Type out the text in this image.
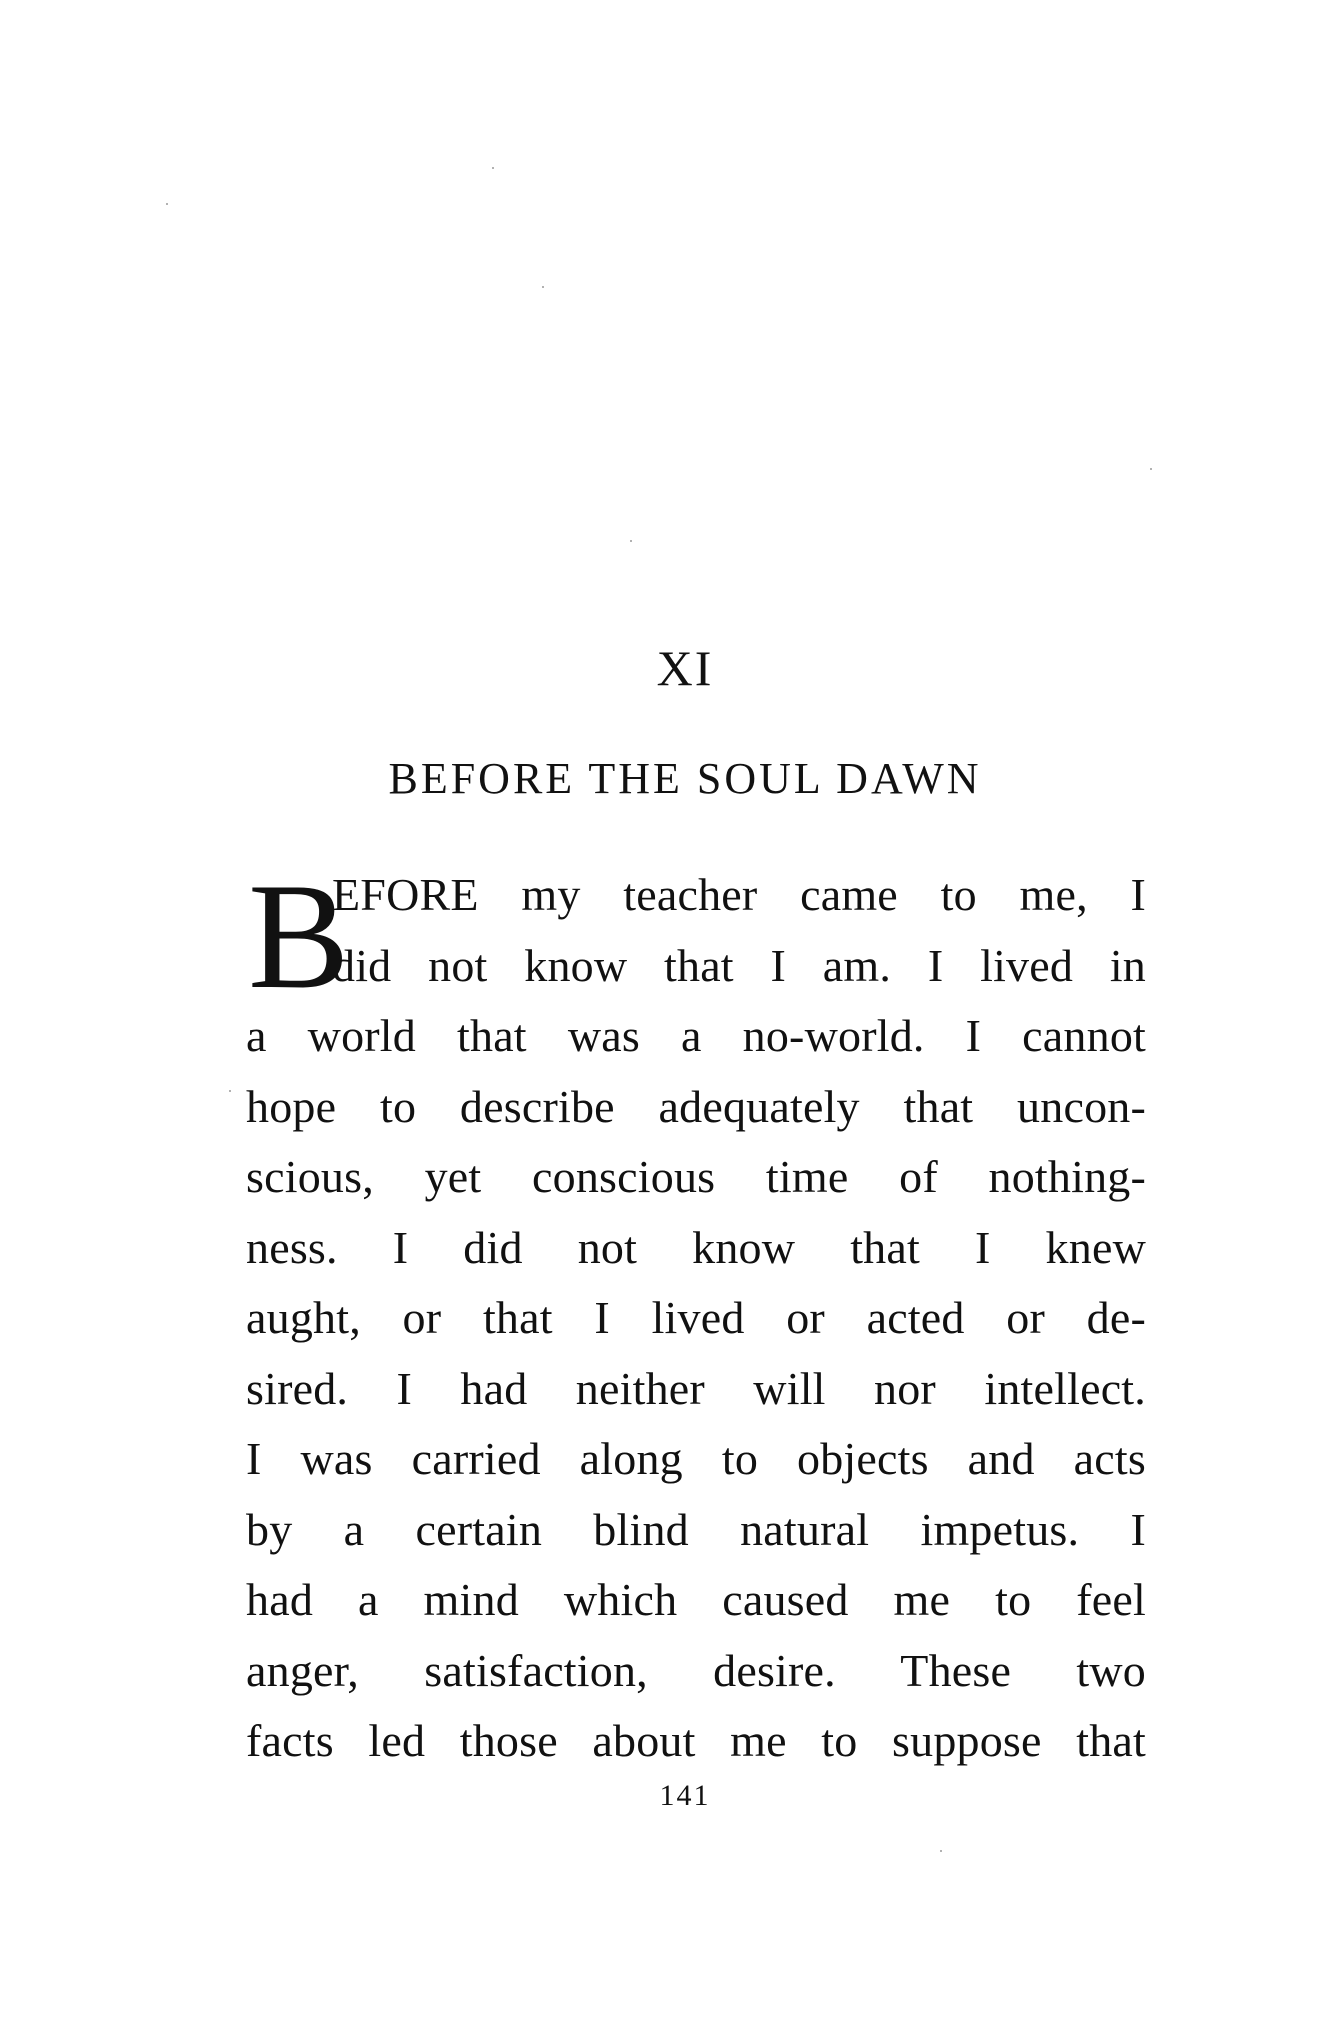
XI
BEFORE THE SOUL DAWN
B
EFORE my teacher came to me, I
did not know that I am. I lived in
a world that was a no-world. I cannot
hope to describe adequately that uncon-
scious, yet conscious time of nothing-
ness. I did not know that I knew
aught, or that I lived or acted or de-
sired. I had neither will nor intellect.
I was carried along to objects and acts
by a certain blind natural impetus. I
had a mind which caused me to feel
anger, satisfaction, desire. These two
facts led those about me to suppose that
141
